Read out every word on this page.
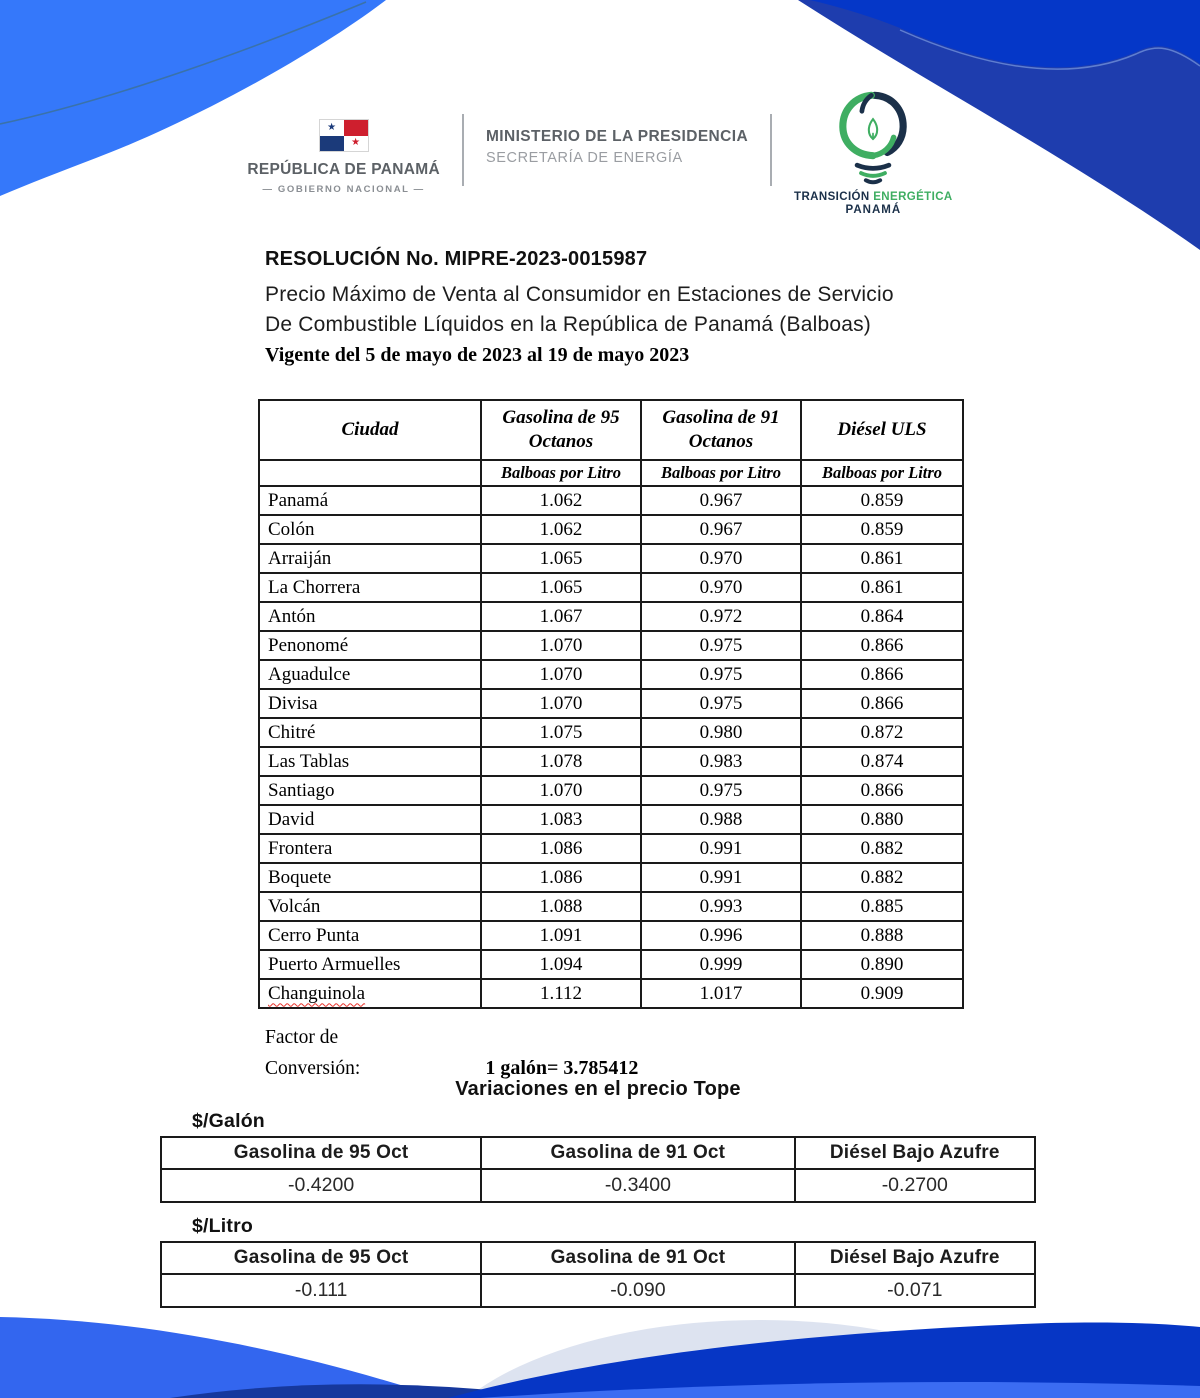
★
★
REPÚBLICA DE PANAMÁ
— GOBIERNO NACIONAL —
MINISTERIO DE LA PRESIDENCIA
SECRETARÍA DE ENERGÍA
TRANSICIÓN ENERGÉTICA
PANAMÁ
RESOLUCIÓN No. MIPRE-2023-0015987
Precio Máximo de Venta al Consumidor en Estaciones de Servicio
De Combustible Líquidos en la República de Panamá (Balboas)
Vigente del 5 de mayo de 2023 al 19 de mayo 2023
Ciudad	Gasolina de 95 Octanos	Gasolina de 91 Octanos	Diésel ULS
	Balboas por Litro	Balboas por Litro	Balboas por Litro
Panamá	1.062	0.967	0.859
Colón	1.062	0.967	0.859
Arraiján	1.065	0.970	0.861
La Chorrera	1.065	0.970	0.861
Antón	1.067	0.972	0.864
Penonomé	1.070	0.975	0.866
Aguadulce	1.070	0.975	0.866
Divisa	1.070	0.975	0.866
Chitré	1.075	0.980	0.872
Las Tablas	1.078	0.983	0.874
Santiago	1.070	0.975	0.866
David	1.083	0.988	0.880
Frontera	1.086	0.991	0.882
Boquete	1.086	0.991	0.882
Volcán	1.088	0.993	0.885
Cerro Punta	1.091	0.996	0.888
Puerto Armuelles	1.094	0.999	0.890
Changuinola	1.112	1.017	0.909
Factor de
Conversión:	1 galón= 3.785412
Variaciones en el precio Tope
$/Galón
Gasolina de 95 Oct	Gasolina de 91 Oct	Diésel Bajo Azufre
-0.4200	-0.3400	-0.2700
$/Litro
Gasolina de 95 Oct	Gasolina de 91 Oct	Diésel Bajo Azufre
-0.111	-0.090	-0.071
